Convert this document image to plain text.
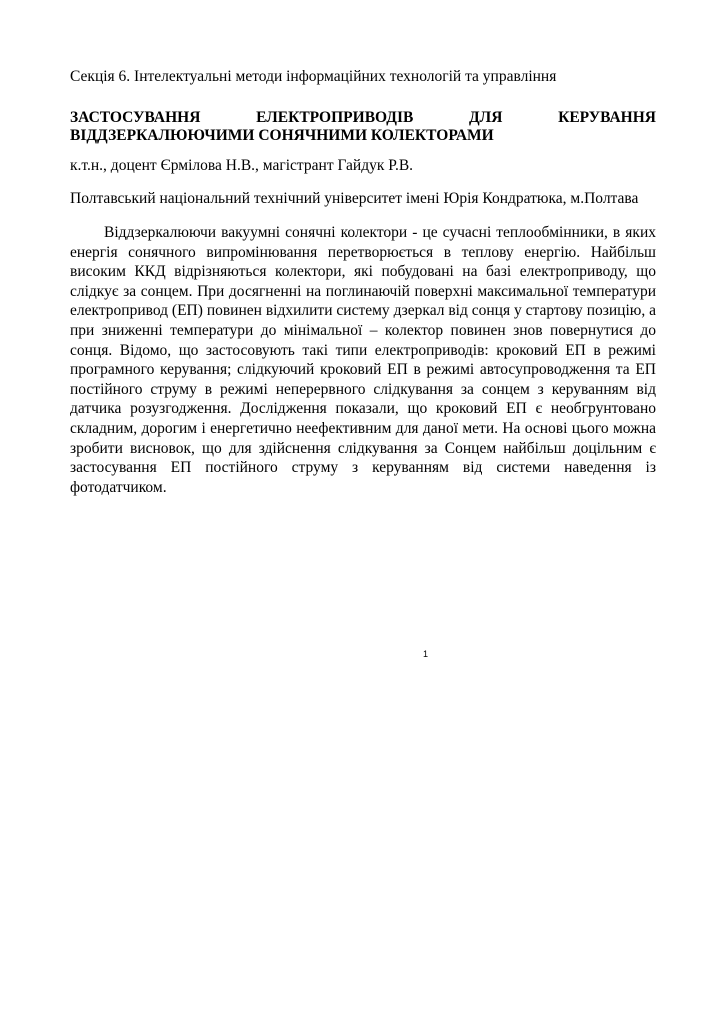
Секція 6. Інтелектуальні методи інформаційних технологій та управління
ЗАСТОСУВАННЯ ЕЛЕКТРОПРИВОДІВ ДЛЯ КЕРУВАННЯ ВІДДЗЕРКАЛЮЮЧИМИ СОНЯЧНИМИ КОЛЕКТОРАМИ
к.т.н., доцент Єрмілова Н.В., магістрант Гайдук Р.В.
Полтавський національний технічний університет імені Юрія Кондратюка, м.Полтава

Віддзеркалюючи вакуумні сонячні колектори - це сучасні теплообмінники, в яких енергія сонячного випромінювання перетворюється в теплову енергію. Найбільш високим ККД відрізняються колектори, які побудовані на базі електроприводу, що слідкує за сонцем. При досягненні на поглинаючій поверхні максимальної температури електропривод (ЕП) повинен відхилити систему дзеркал від сонця у стартову позицію, а при зниженні температури до мінімальної – колектор повинен знов повернутися до сонця. Відомо, що застосовують такі типи електроприводів: кроковий ЕП в режимі програмного керування; слідкуючий кроковий ЕП в режимі автосупроводження та ЕП постійного струму в режимі неперервного слідкування за сонцем з керуванням від датчика розузгодження. Дослідження показали, що кроковий ЕП є необгрунтовано складним, дорогим і енергетично неефективним для даної мети. На основі цього можна зробити висновок, що для здійснення слідкування за Сонцем найбільш доцільним є застосування ЕП постійного струму з керуванням від системи наведення із фотодатчиком.

1
